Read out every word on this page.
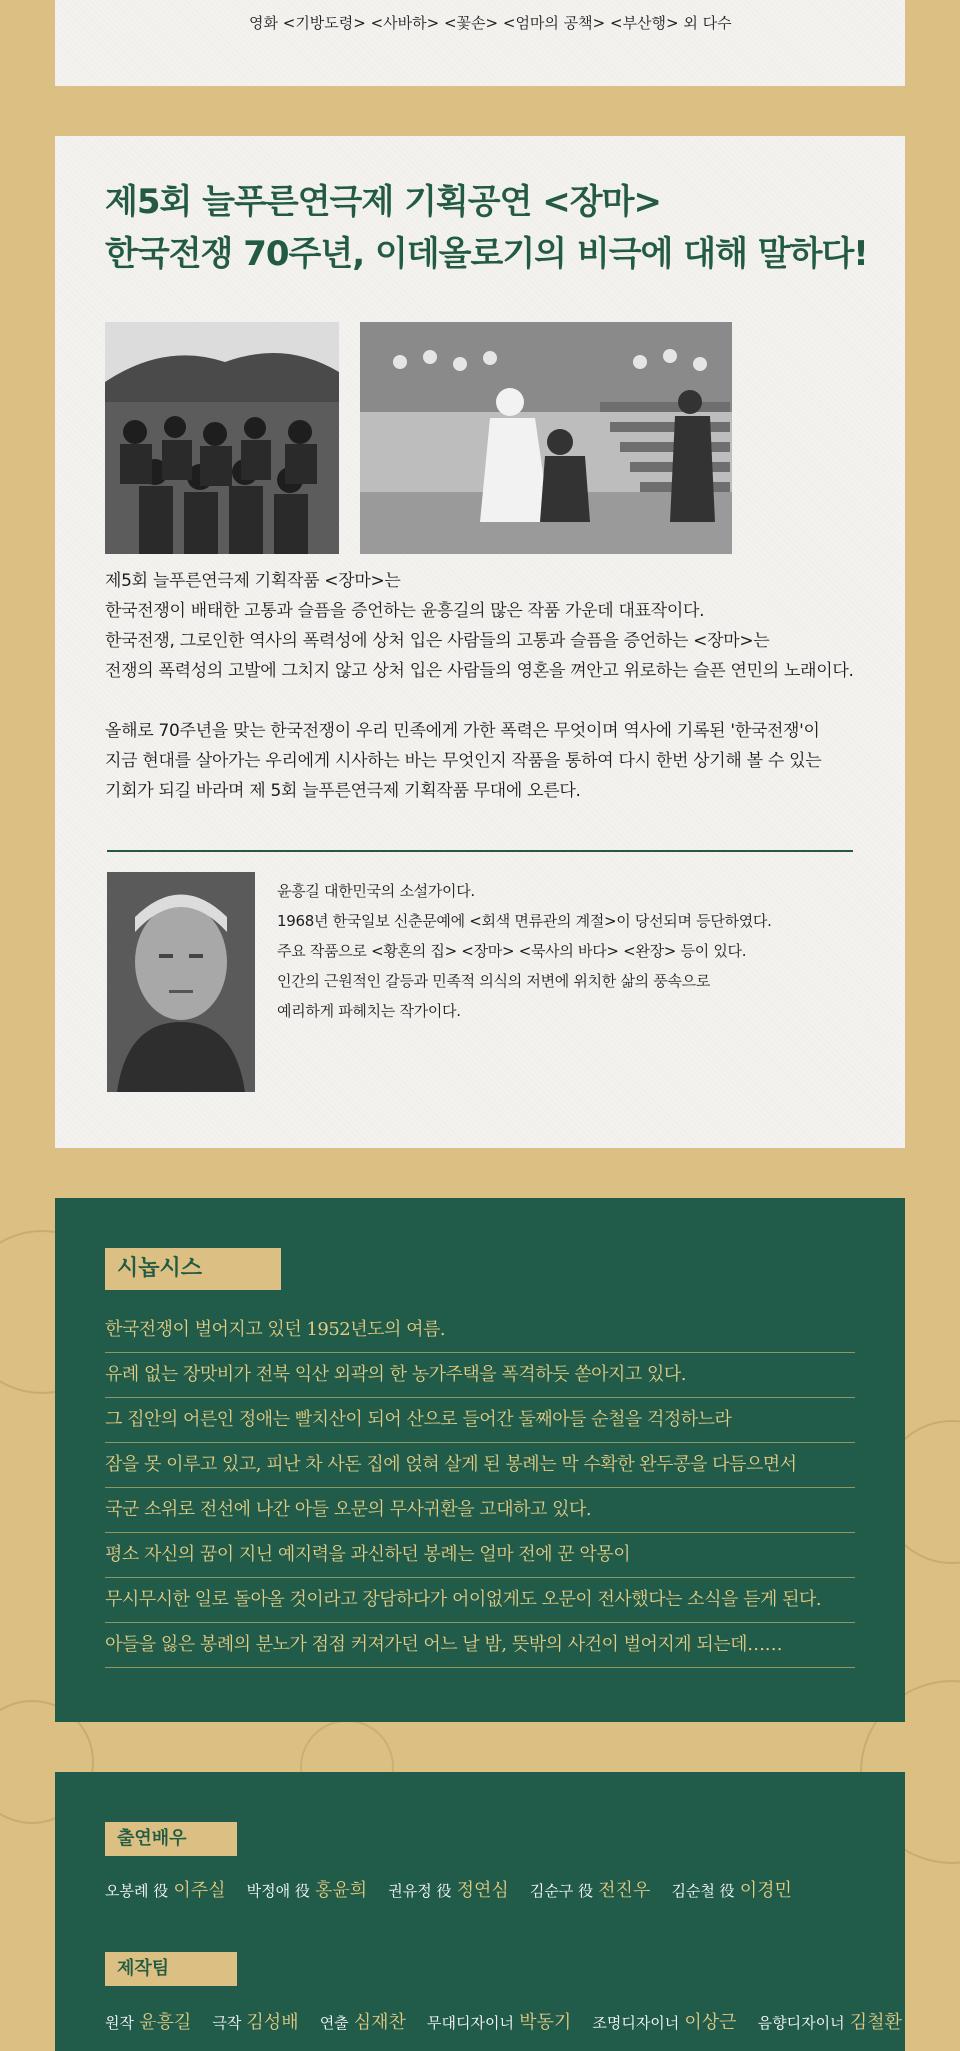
영화 <기방도령> <사바하> <꽃손> <엄마의 공책> <부산행> 외 다수
제5회 늘푸른연극제 기획공연 <장마>
한국전쟁 70주년, 이데올로기의 비극에 대해 말하다!
제5회 늘푸른연극제 기획작품 <장마>는
한국전쟁이 배태한 고통과 슬픔을 증언하는 윤흥길의 많은 작품 가운데 대표작이다.
한국전쟁, 그로인한 역사의 폭력성에 상처 입은 사람들의 고통과 슬픔을 증언하는 <장마>는
전쟁의 폭력성의 고발에 그치지 않고 상처 입은 사람들의 영혼을 껴안고 위로하는 슬픈 연민의 노래이다.
올해로 70주년을 맞는 한국전쟁이 우리 민족에게 가한 폭력은 무엇이며 역사에 기록된 '한국전쟁'이
지금 현대를 살아가는 우리에게 시사하는 바는 무엇인지 작품을 통하여 다시 한번 상기해 볼 수 있는
기회가 되길 바라며 제 5회 늘푸른연극제 기획작품 무대에 오른다.
윤흥길 대한민국의 소설가이다.
1968년 한국일보 신춘문예에 <회색 면류관의 계절>이 당선되며 등단하였다.
주요 작품으로 <황혼의 집> <장마> <묵사의 바다> <완장> 등이 있다.
인간의 근원적인 갈등과 민족적 의식의 저변에 위치한 삶의 풍속으로
예리하게 파헤치는 작가이다.
시놉시스
한국전쟁이 벌어지고 있던 1952년도의 여름.
유례 없는 장맛비가 전북 익산 외곽의 한 농가주택을 폭격하듯 쏟아지고 있다.
그 집안의 어른인 정애는 빨치산이 되어 산으로 들어간 둘째아들 순철을 걱정하느라
잠을 못 이루고 있고, 피난 차 사돈 집에 얹혀 살게 된 봉례는 막 수확한 완두콩을 다듬으면서
국군 소위로 전선에 나간 아들 오문의 무사귀환을 고대하고 있다.
평소 자신의 꿈이 지닌 예지력을 과신하던 봉례는 얼마 전에 꾼 악몽이
무시무시한 일로 돌아올 것이라고 장담하다가 어이없게도 오문이 전사했다는 소식을 듣게 된다.
아들을 잃은 봉례의 분노가 점점 커져가던 어느 날 밤, 뜻밖의 사건이 벌어지게 되는데……
출연배우
오봉례 役 이주실 박정애 役 홍윤희 권유정 役 정연심 김순구 役 전진우 김순철 役 이경민
제작팀
원작 윤흥길 극작 김성배 연출 심재찬 무대디자이너 박동기 조명디자이너 이상근 음향디자이너 김철환
